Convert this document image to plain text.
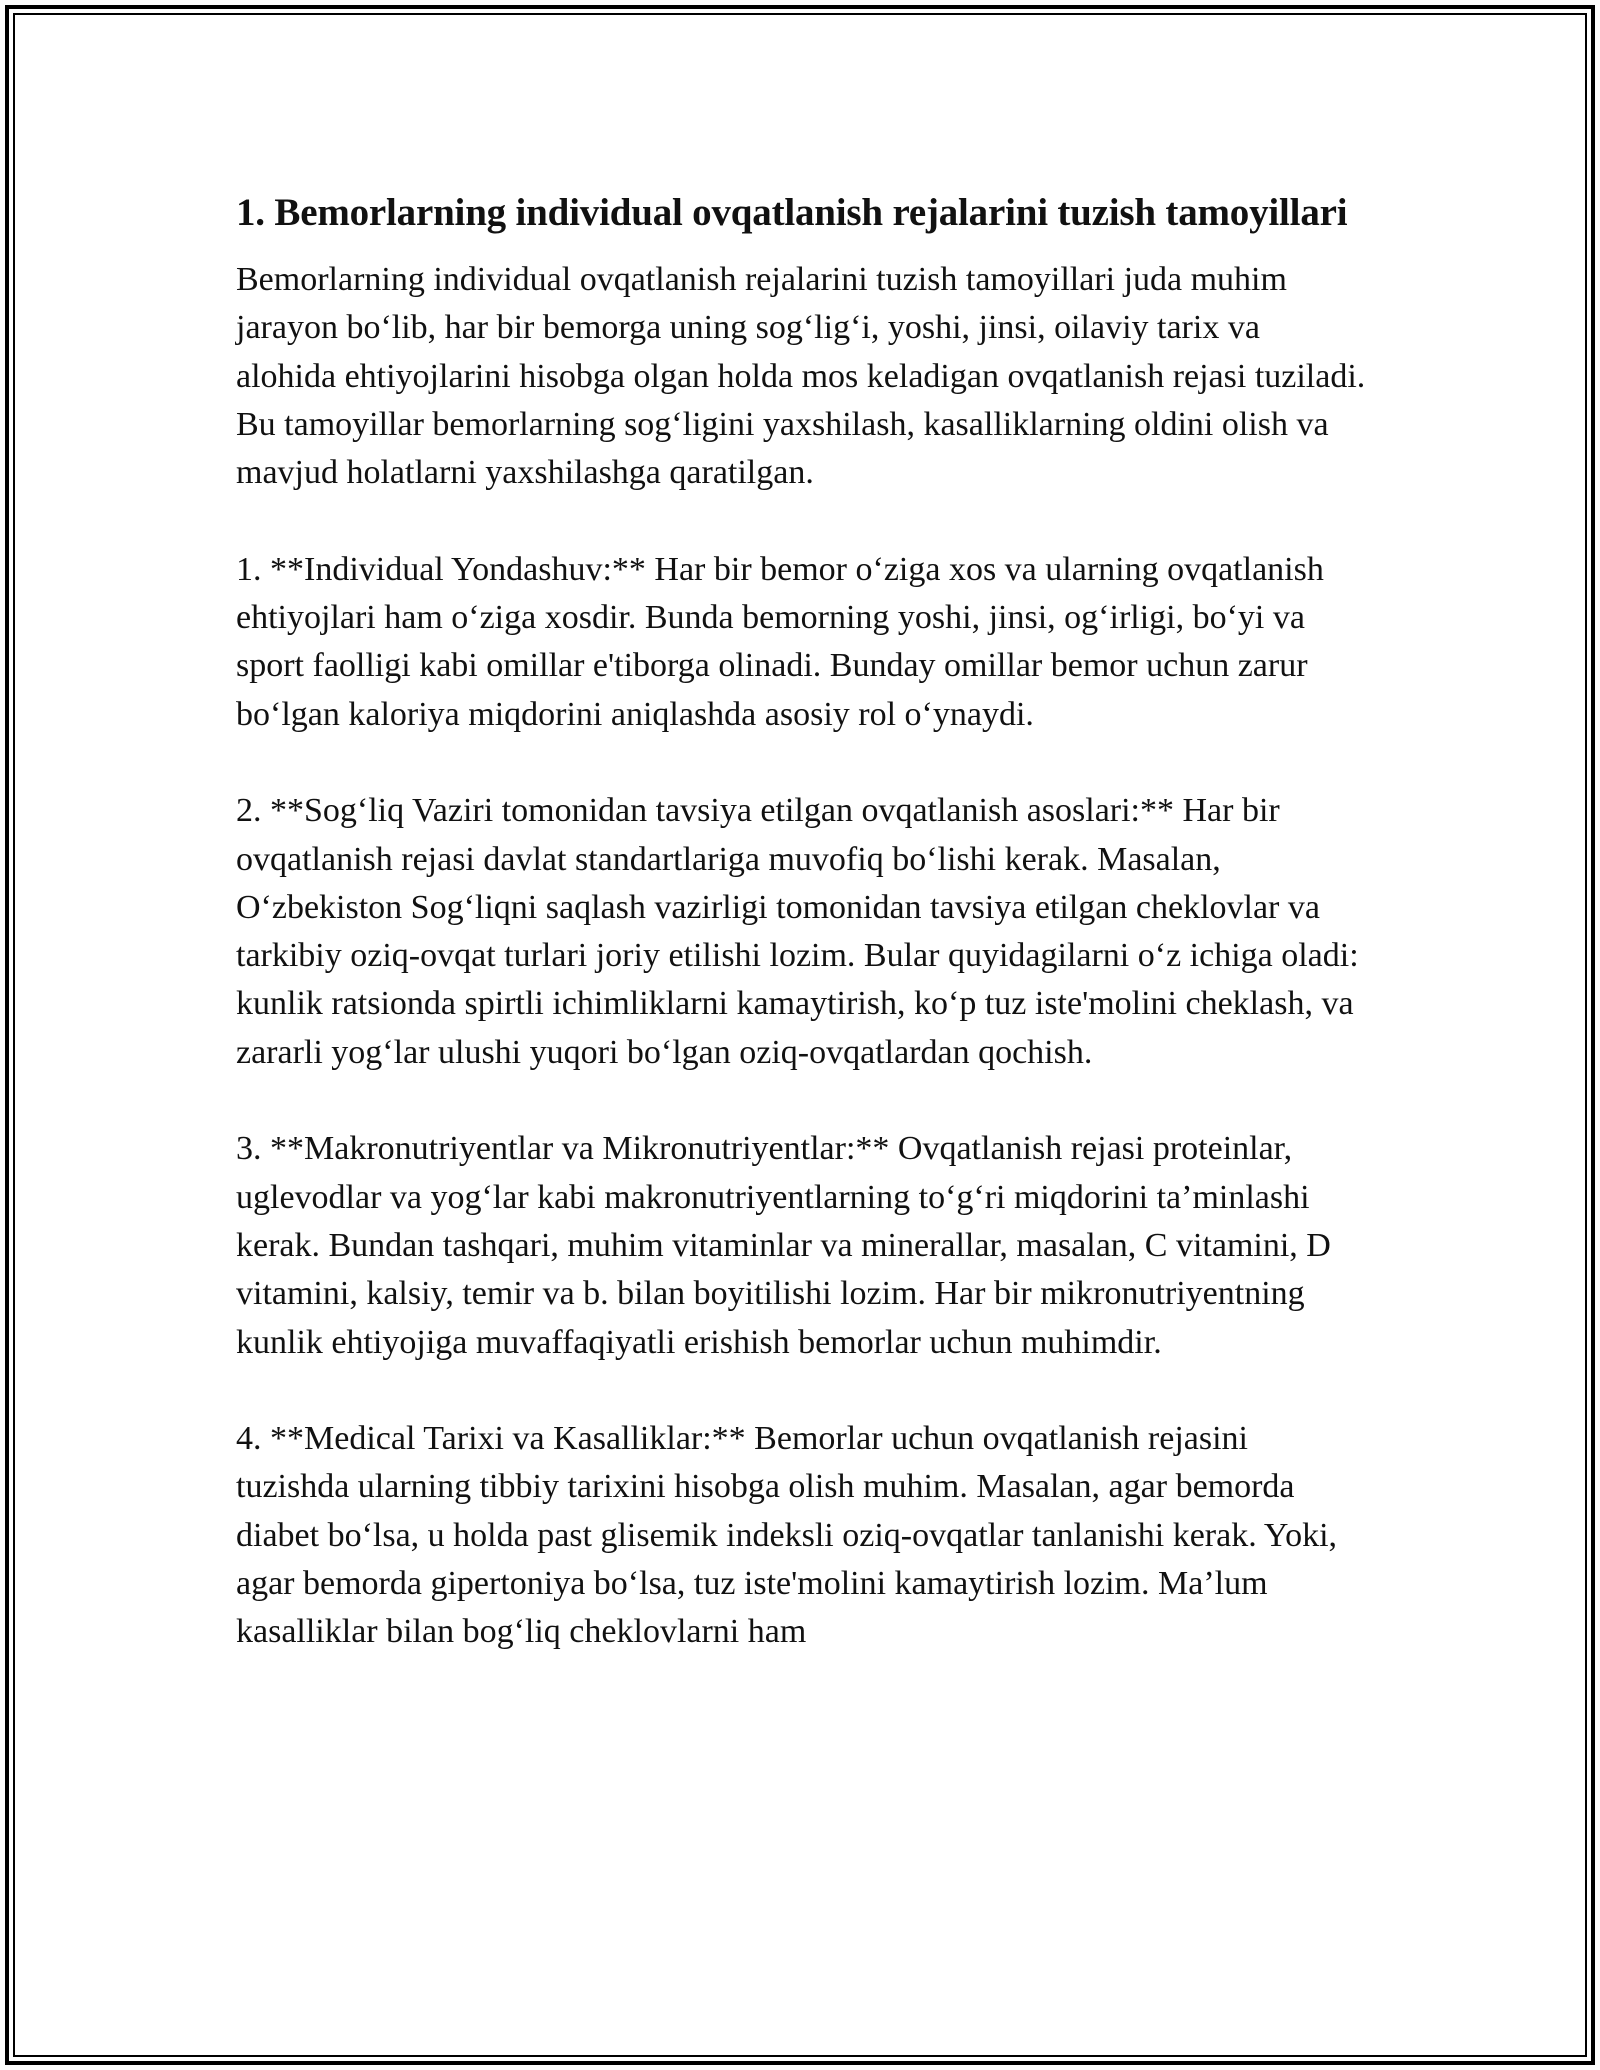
1. Bemorlarning individual ovqatlanish rejalarini tuzish tamoyillari

Bemorlarning individual ovqatlanish rejalarini tuzish tamoyillari juda muhim jarayon bo‘lib, har bir bemorga uning sog‘lig‘i, yoshi, jinsi, oilaviy tarix va alohida ehtiyojlarini hisobga olgan holda mos keladigan ovqatlanish rejasi tuziladi. Bu tamoyillar bemorlarning sog‘ligini yaxshilash, kasalliklarning oldini olish va mavjud holatlarni yaxshilashga qaratilgan.

1. **Individual Yondashuv:** Har bir bemor o‘ziga xos va ularning ovqatlanish ehtiyojlari ham o‘ziga xosdir. Bunda bemorning yoshi, jinsi, og‘irligi, bo‘yi va sport faolligi kabi omillar e'tiborga olinadi. Bunday omillar bemor uchun zarur bo‘lgan kaloriya miqdorini aniqlashda asosiy rol o‘ynaydi.

2. **Sog‘liq Vaziri tomonidan tavsiya etilgan ovqatlanish asoslari:** Har bir ovqatlanish rejasi davlat standartlariga muvofiq bo‘lishi kerak. Masalan, O‘zbekiston Sog‘liqni saqlash vazirligi tomonidan tavsiya etilgan cheklovlar va tarkibiy oziq-ovqat turlari joriy etilishi lozim. Bular quyidagilarni o‘z ichiga oladi: kunlik ratsionda spirtli ichimliklarni kamaytirish, ko‘p tuz iste'molini cheklash, va zararli yog‘lar ulushi yuqori bo‘lgan oziq-ovqatlardan qochish.

3. **Makronutriyentlar va Mikronutriyentlar:** Ovqatlanish rejasi proteinlar, uglevodlar va yog‘lar kabi makronutriyentlarning to‘g‘ri miqdorini ta’minlashi kerak. Bundan tashqari, muhim vitaminlar va minerallar, masalan, C vitamini, D vitamini, kalsiy, temir va b. bilan boyitilishi lozim. Har bir mikronutriyentning kunlik ehtiyojiga muvaffaqiyatli erishish bemorlar uchun muhimdir.

4. **Medical Tarixi va Kasalliklar:** Bemorlar uchun ovqatlanish rejasini tuzishda ularning tibbiy tarixini hisobga olish muhim. Masalan, agar bemorda diabet bo‘lsa, u holda past glisemik indeksli oziq-ovqatlar tanlanishi kerak. Yoki, agar bemorda gipertoniya bo‘lsa, tuz iste'molini kamaytirish lozim. Ma’lum kasalliklar bilan bog‘liq cheklovlarni ham
